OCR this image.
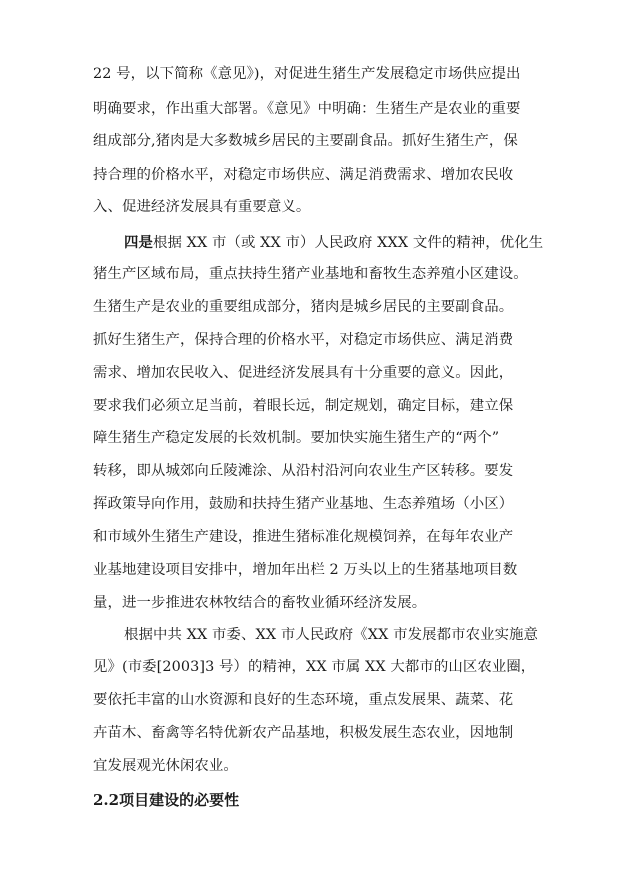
22 号，以下简称《意见》)，对促进生猪生产发展稳定市场供应提出
明确要求，作出重大部署。《意见》中明确：生猪生产是农业的重要
组成部分,猪肉是大多数城乡居民的主要副食品。抓好生猪生产，保
持合理的价格水平，对稳定市场供应、满足消费需求、增加农民收
入、促进经济发展具有重要意义。
四是根据 XX 市（或 XX 市）人民政府 XXX 文件的精神，优化生
猪生产区域布局，重点扶持生猪产业基地和畜牧生态养殖小区建设。
生猪生产是农业的重要组成部分，猪肉是城乡居民的主要副食品。
抓好生猪生产，保持合理的价格水平，对稳定市场供应、满足消费
需求、增加农民收入、促进经济发展具有十分重要的意义。因此，
要求我们必须立足当前，着眼长远，制定规划，确定目标，建立保
障生猪生产稳定发展的长效机制。要加快实施生猪生产的“两个”
转移，即从城郊向丘陵滩涂、从沿村沿河向农业生产区转移。要发
挥政策导向作用，鼓励和扶持生猪产业基地、生态养殖场（小区）
和市域外生猪生产建设，推进生猪标准化规模饲养，在每年农业产
业基地建设项目安排中，增加年出栏 2 万头以上的生猪基地项目数
量，进一步推进农林牧结合的畜牧业循环经济发展。
根据中共 XX 市委、XX 市人民政府《XX 市发展都市农业实施意
见》(市委[2003]3 号）的精神，XX 市属 XX 大都市的山区农业圈，
要依托丰富的山水资源和良好的生态环境，重点发展果、蔬菜、花
卉苗木、畜禽等名特优新农产品基地，积极发展生态农业，因地制
宜发展观光休闲农业。
2.2项目建设的必要性
